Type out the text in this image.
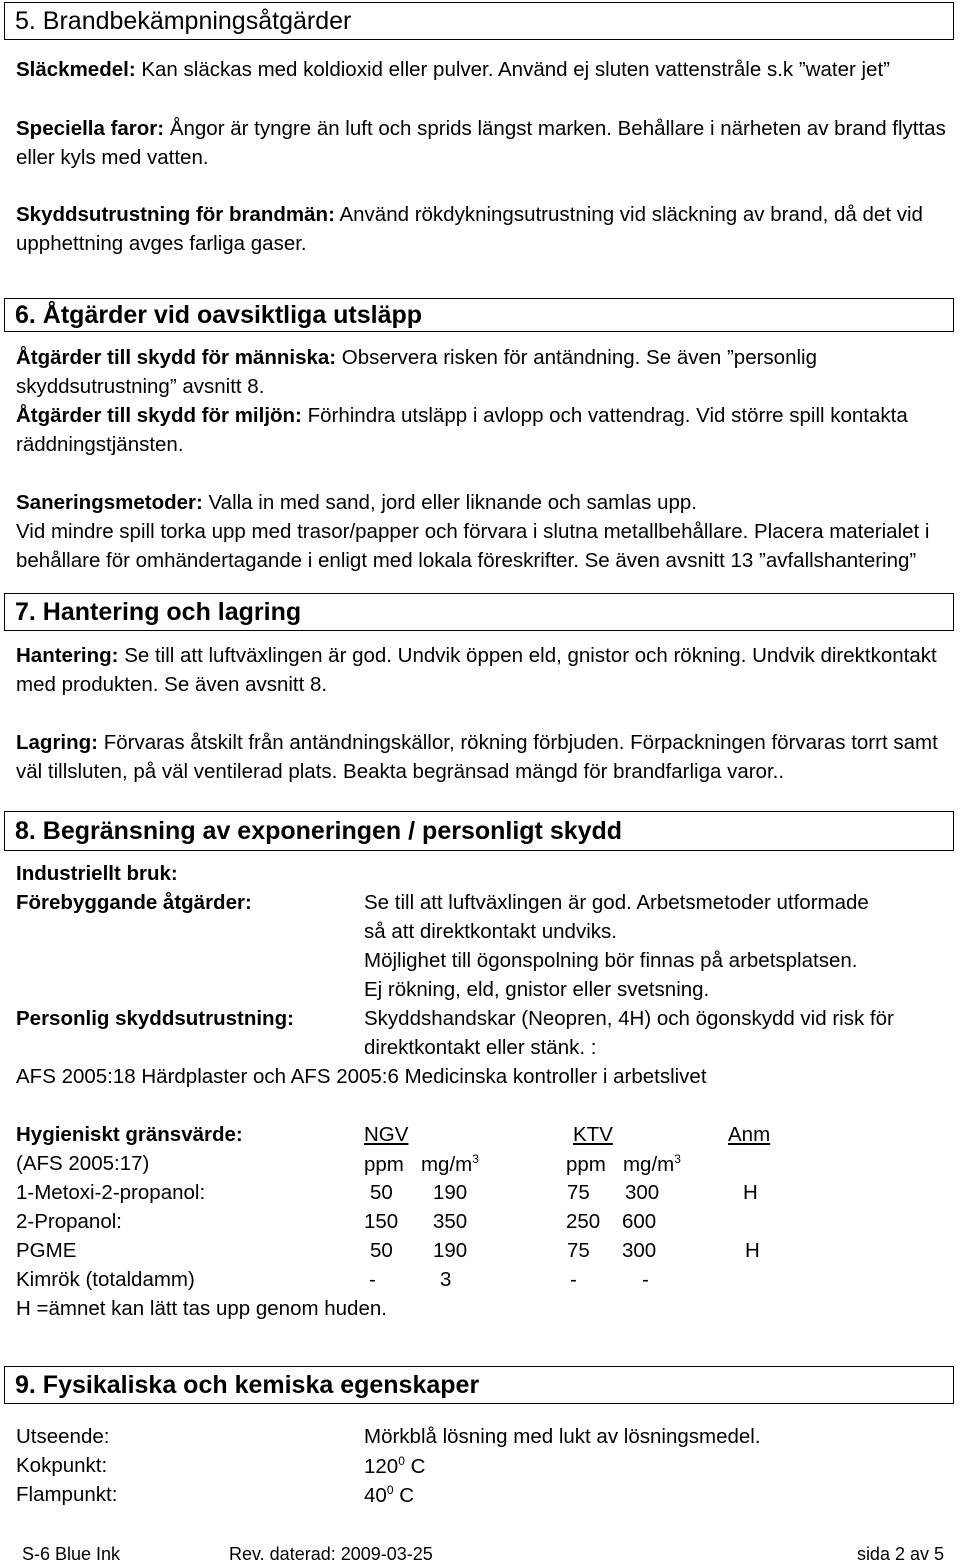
5. Brandbekämpningsåtgärder
Släckmedel: Kan släckas med koldioxid eller pulver. Använd ej sluten vattenstråle s.k ”water jet”
Speciella faror: Ångor är tyngre än luft och sprids längst marken. Behållare i närheten av brand flyttas
eller kyls med vatten.
Skyddsutrustning för brandmän: Använd rökdykningsutrustning vid släckning av brand, då det vid
upphettning avges farliga gaser.
6. Åtgärder vid oavsiktliga utsläpp
Åtgärder till skydd för människa: Observera risken för antändning. Se även ”personlig
skyddsutrustning” avsnitt 8.
Åtgärder till skydd för miljön: Förhindra utsläpp i avlopp och vattendrag. Vid större spill kontakta
räddningstjänsten.
Saneringsmetoder: Valla in med sand, jord eller liknande och samlas upp.
Vid mindre spill torka upp med trasor/papper och förvara i slutna metallbehållare. Placera materialet i
behållare för omhändertagande i enligt med lokala föreskrifter. Se även avsnitt 13 ”avfallshantering”
7. Hantering och lagring
Hantering: Se till att luftväxlingen är god. Undvik öppen eld, gnistor och rökning. Undvik direktkontakt
med produkten. Se även avsnitt 8.
Lagring: Förvaras åtskilt från antändningskällor, rökning förbjuden. Förpackningen förvaras torrt samt
väl tillsluten, på väl ventilerad plats. Beakta begränsad mängd för brandfarliga varor..
8. Begränsning av exponeringen / personligt skydd
Industriellt bruk:
Förebyggande åtgärder:	Se till att luftväxlingen är god. Arbetsmetoder utformade
så att direktkontakt undviks.
Möjlighet till ögonspolning bör finnas på arbetsplatsen.
Ej rökning, eld, gnistor eller svetsning.
Personlig skyddsutrustning:	Skyddshandskar (Neopren, 4H) och ögonskydd vid risk för
direktkontakt eller stänk. :
AFS 2005:18 Härdplaster och AFS 2005:6 Medicinska kontroller i arbetslivet
Hygieniskt gränsvärde:	NGV	KTV	Anm
(AFS 2005:17)	ppm $mg/m^3$	ppm $mg/m^3$
1-Metoxi-2-propanol:	50 190	75 300	H
2-Propanol:	150 350	250 600
PGME	50 190	75 300	H
Kimrök (totaldamm)	-	3	-	-
H =ämnet kan lätt tas upp genom huden.
9. Fysikaliska och kemiska egenskaper
Utseende:	Mörkblå lösning med lukt av lösningsmedel.
Kokpunkt:	$120^0$ C
Flampunkt:	$40^0$ C
S-6 Blue Ink	Rev. daterad: 2009-03-25	sida 2 av 5
